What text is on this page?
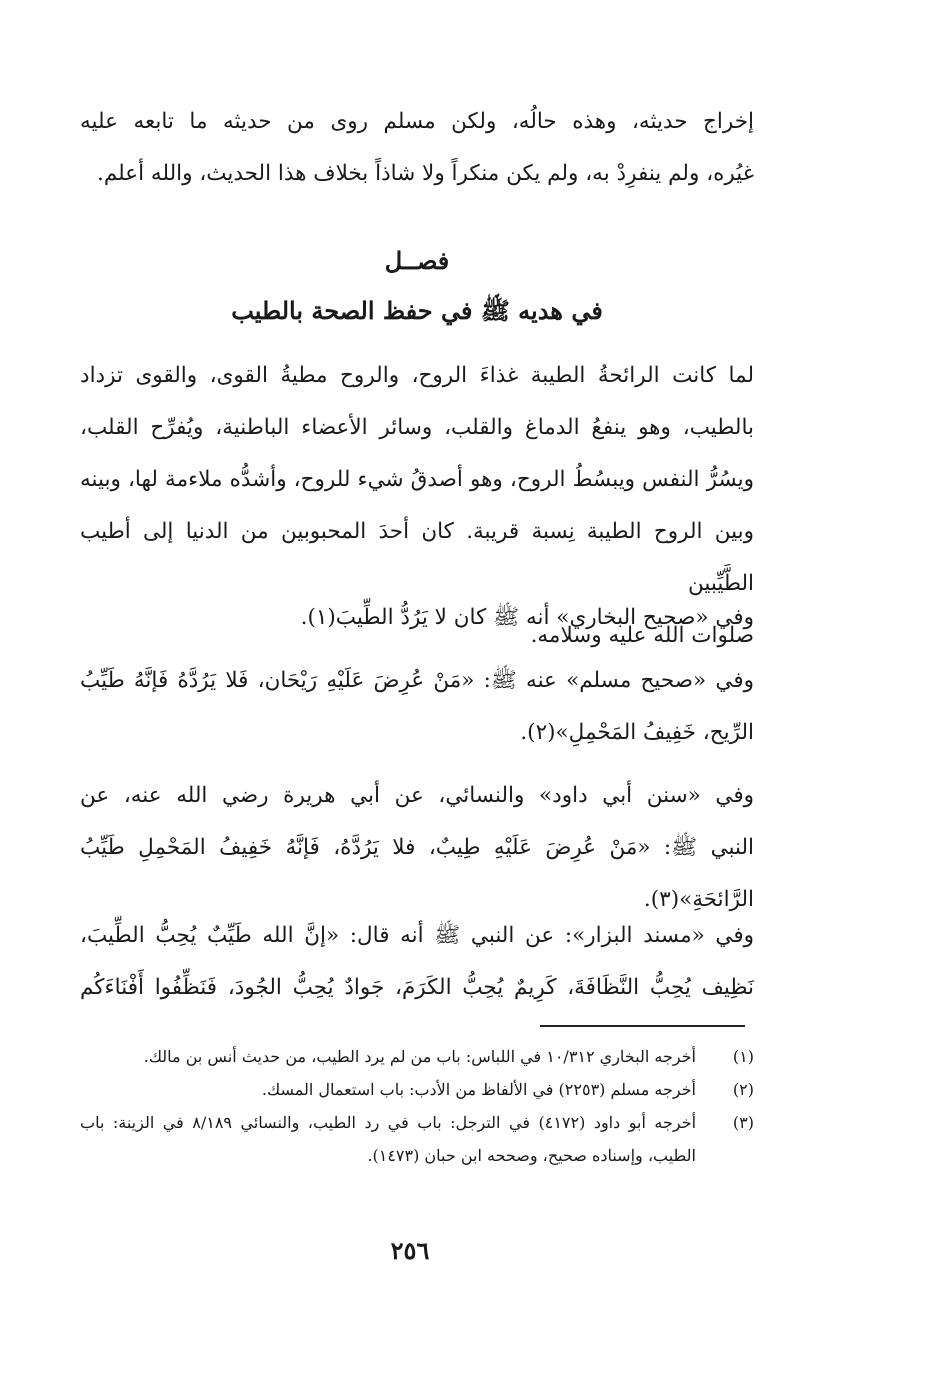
إخراج حديثه، وهذه حالُه، ولكن مسلم روى من حديثه ما تابعه عليه
غيُره، ولم ينفرِدْ به، ولم يكن منكراً ولا شاذاً بخلاف هذا الحديث، والله أعلم.
فصــل
في هديه ﷺ في حفظ الصحة بالطيب
لما كانت الرائحةُ الطيبة غذاءَ الروح، والروح مطيةُ القوى، والقوى تزداد
بالطيب، وهو ينفعُ الدماغ والقلب، وسائر الأعضاء الباطنية، ويُفرِّح القلب،
ويسُرُّ النفس ويبسُطُ الروح، وهو أصدقُ شيء للروح، وأشدُّه ملاءمة لها، وبينه
وبين الروح الطيبة نِسبة قريبة. كان أحدَ المحبوبين من الدنيا إلى أطيب الطَّيِّبين
صلوات الله عليه وسلامه.
وفي «صحيح البخاري» أنه ﷺ كان لا يَرُدُّ الطِّيبَ(١).
وفي «صحيح مسلم» عنه ﷺ: «مَنْ عُرِضَ عَلَيْهِ رَيْحَان، فَلا يَرُدَّهُ فَإنَّهُ طَيِّبُ
الرِّيح، خَفِيفُ المَحْمِلِ»(٢).
وفي «سنن أبي داود» والنسائي، عن أبي هريرة رضي الله عنه، عن
النبي ﷺ: «مَنْ عُرِضَ عَلَيْهِ طِيبٌ، فلا يَرُدَّهُ، فَإنَّهُ خَفِيفُ المَحْمِلِ طَيِّبُ
الرَّائحَةِ»(٣).
وفي «مسند البزار»: عن النبي ﷺ أنه قال: «إنَّ الله طَيِّبٌ يُحِبُّ الطِّيبَ،
نَظِيف يُحِبُّ النَّظَافَةَ، كَرِيمٌ يُحِبُّ الكَرَمَ، جَوادٌ يُحِبُّ الجُودَ، فَنَظِّفُوا أَفْنَاءَكُم
(١)
أخرجه البخاري ١٠/٣١٢ في اللباس: باب من لم يرد الطيب، من حديث أنس بن مالك.
(٢)
أخرجه مسلم (٢٢٥٣) في الألفاظ من الأدب: باب استعمال المسك.
(٣)
أخرجه أبو داود (٤١٧٢) في الترجل: باب في رد الطيب، والنسائي ٨/١٨٩ في الزينة: باب الطيب، وإسناده صحيح، وصححه ابن حبان (١٤٧٣).
٢٥٦
